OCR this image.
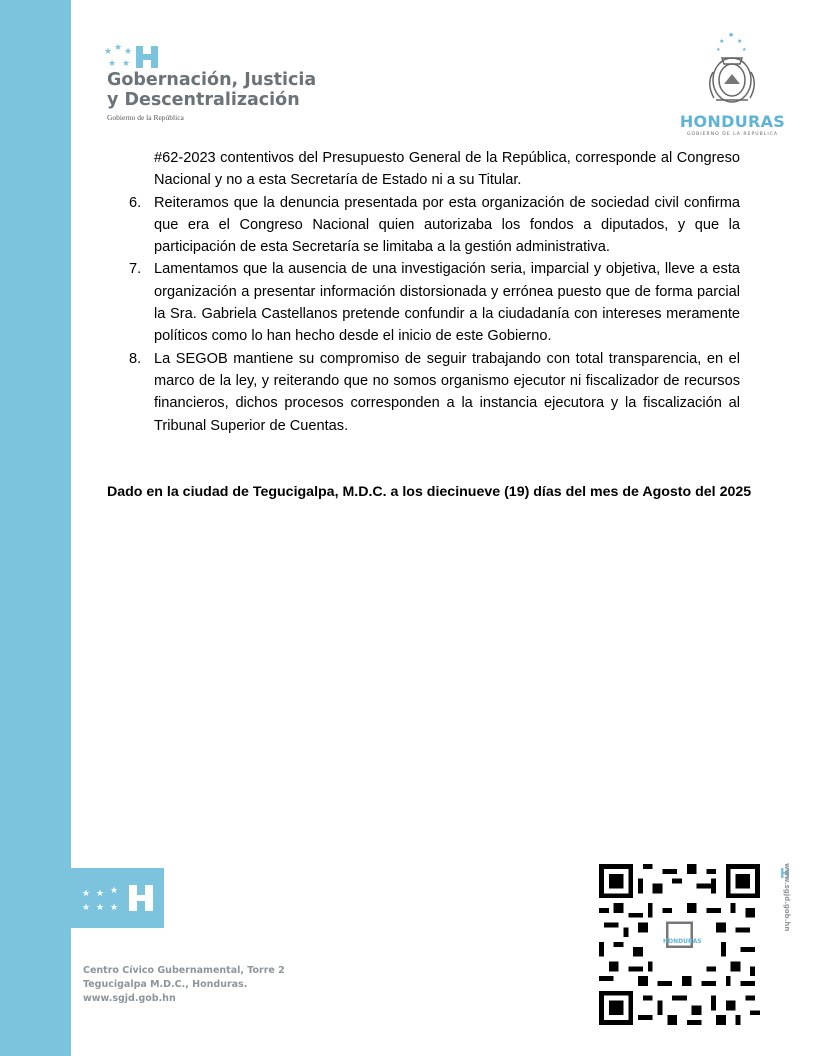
★ ★ ★
★ ★
Gobernación, Justicia
y Descentralización
Gobierno de la República
★
★ ★
★	★
HONDURAS
GOBIERNO DE LA REPÚBLICA

#62-2023 contentivos del Presupuesto General de la República, corresponde al Congreso Nacional y no a esta Secretaría de Estado ni a su Titular.

6. Reiteramos que la denuncia presentada por esta organización de sociedad civil confirma que era el Congreso Nacional quien autorizaba los fondos a diputados, y que la participación de esta Secretaría se limitaba a la gestión administrativa.
7. Lamentamos que la ausencia de una investigación seria, imparcial y objetiva, lleve a esta organización a presentar información distorsionada y errónea puesto que de forma parcial la Sra. Gabriela Castellanos pretende confundir a la ciudadanía con intereses meramente políticos como lo han hecho desde el inicio de este Gobierno.
8. La SEGOB mantiene su compromiso de seguir trabajando con total transparencia, en el marco de la ley, y reiterando que no somos organismo ejecutor ni fiscalizador de recursos financieros, dichos procesos corresponden a la instancia ejecutora y la fiscalización al Tribunal Superior de Cuentas.
Dado en la ciudad de Tegucigalpa, M.D.C. a los diecinueve (19) días del mes de Agosto del 2025
★ ★ ★
★ ★ ★
Centro Cívico Gubernamental, Torre 2
Tegucigalpa M.D.C., Honduras.
www.sgjd.gob.hn
HONDURAS
www.sgjd.gob.hn
